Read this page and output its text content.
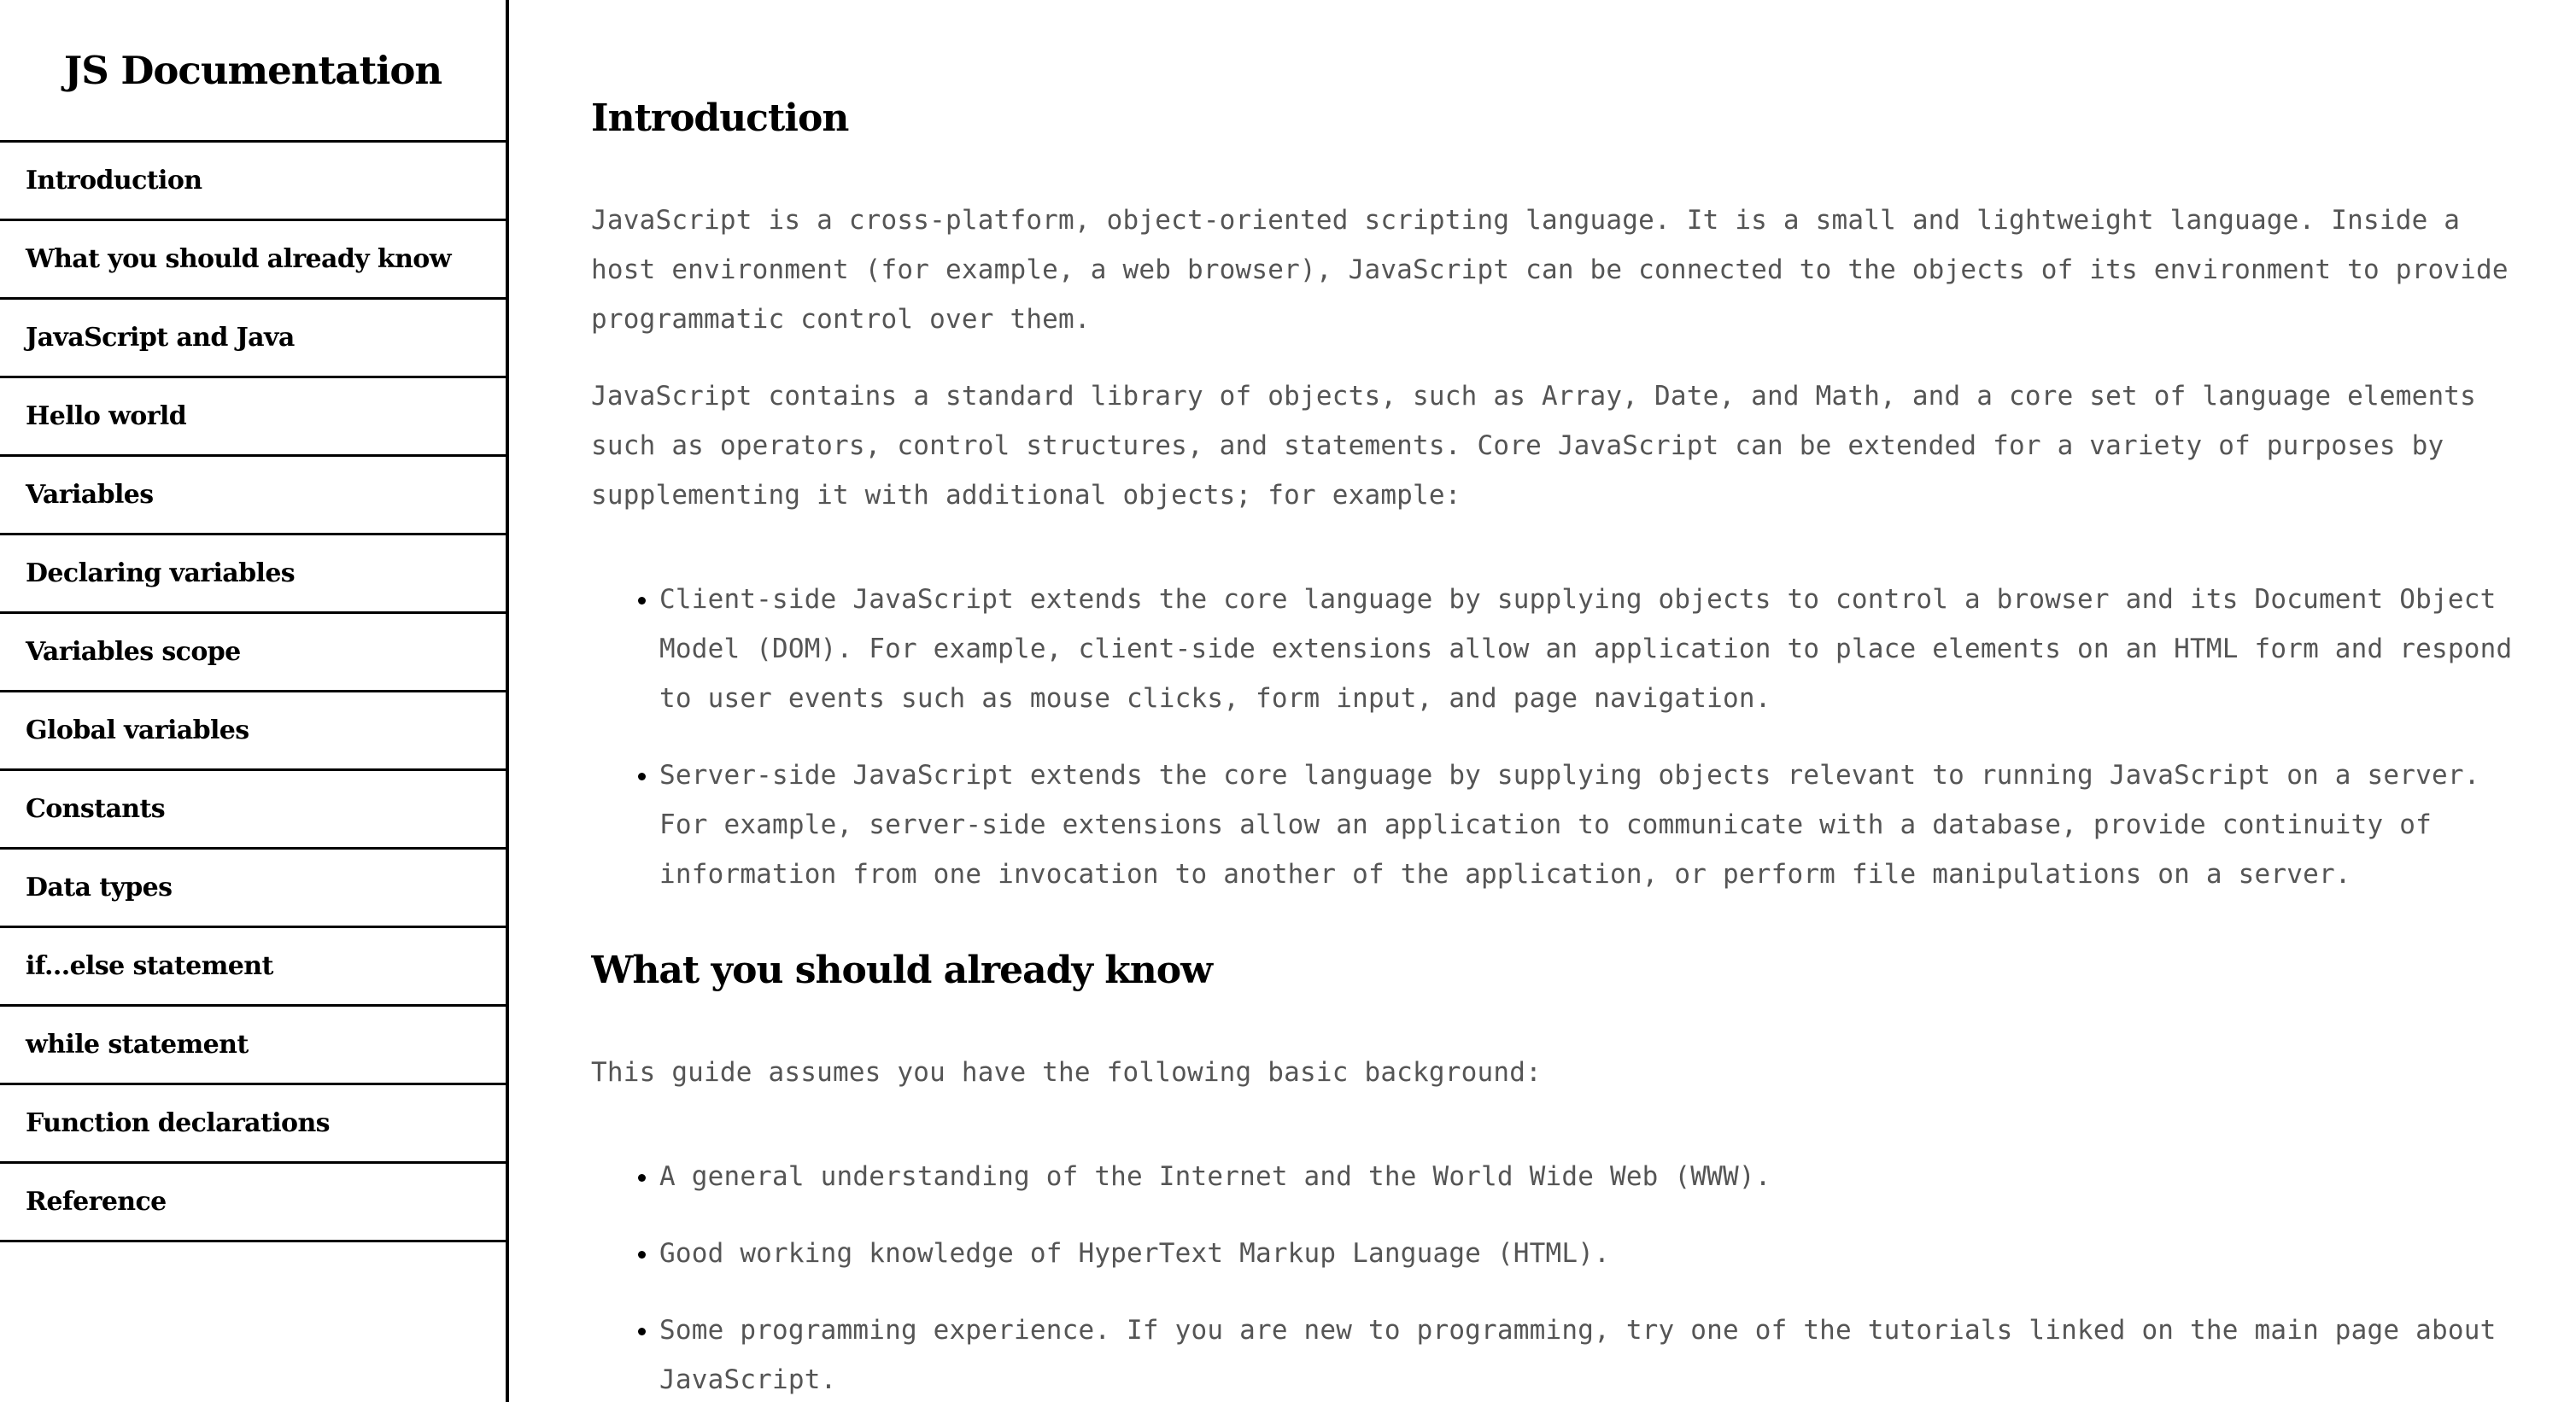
JS Documentation
Introduction
What you should already know
JavaScript and Java
Hello world
Variables
Declaring variables
Variables scope
Global variables
Constants
Data types
if...else statement
while statement
Function declarations
Reference
Introduction

JavaScript is a cross-platform, object-oriented scripting language. It is a small and lightweight language. Inside a host environment (for example, a web browser), JavaScript can be connected to the objects of its environment to provide programmatic control over them.

JavaScript contains a standard library of objects, such as Array, Date, and Math, and a core set of language elements such as operators, control structures, and statements. Core JavaScript can be extended for a variety of purposes by supplementing it with additional objects; for example:

• Client-side JavaScript extends the core language by supplying objects to control a browser and its Document Object Model (DOM). For example, client-side extensions allow an application to place elements on an HTML form and respond to user events such as mouse clicks, form input, and page navigation.
• Server-side JavaScript extends the core language by supplying objects relevant to running JavaScript on a server. For example, server-side extensions allow an application to communicate with a database, provide continuity of information from one invocation to another of the application, or perform file manipulations on a server.
What you should already know

This guide assumes you have the following basic background:

• A general understanding of the Internet and the World Wide Web (WWW).
• Good working knowledge of HyperText Markup Language (HTML).
• Some programming experience. If you are new to programming, try one of the tutorials linked on the main page about JavaScript.
